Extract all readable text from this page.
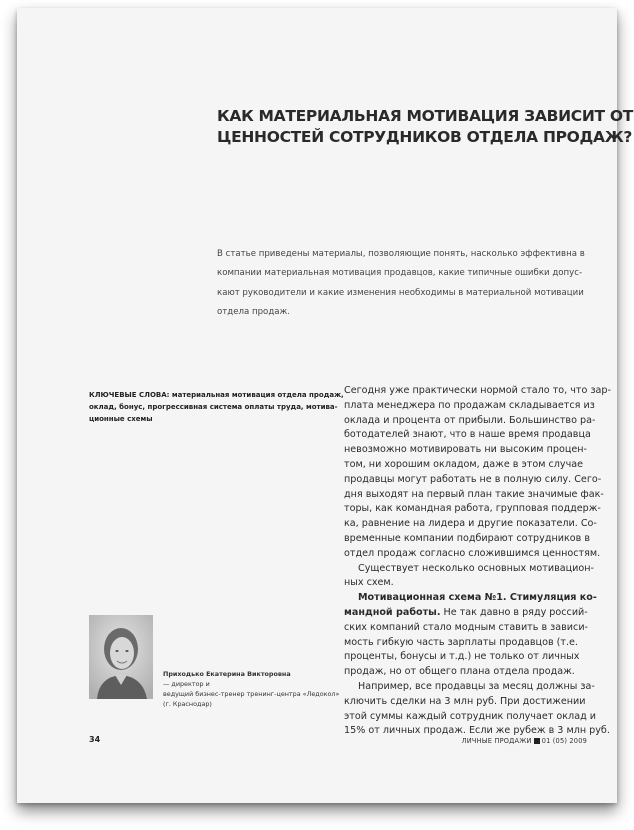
КАК МАТЕРИАЛЬНАЯ МОТИВАЦИЯ ЗАВИСИТ ОТ
ЦЕННОСТЕЙ СОТРУДНИКОВ ОТДЕЛА ПРОДАЖ?
В статье приведены материалы, позволяющие понять, насколько эффективна в
компании материальная мотивация продавцов, какие типичные ошибки допус-
кают руководители и какие изменения необходимы в материальной мотивации
отдела продаж.
КЛЮЧЕВЫЕ СЛОВА: материальная мотивация отдела продаж,
оклад, бонус, прогрессивная система оплаты труда, мотива-
ционные схемы
Сегодня уже практически нормой стало то, что зар-
плата менеджера по продажам складывается из
оклада и процента от прибыли. Большинство ра-
ботодателей знают, что в наше время продавца
невозможно мотивировать ни высоким процен-
том, ни хорошим окладом, даже в этом случае
продавцы могут работать не в полную силу. Сего-
дня выходят на первый план такие значимые фак-
торы, как командная работа, групповая поддерж-
ка, равнение на лидера и другие показатели. Со-
временные компании подбирают сотрудников в
отдел продаж согласно сложившимся ценностям.
Существует несколько основных мотивацион-
ных схем.
Мотивационная схема №1. Стимуляция ко-
мандной работы. Не так давно в ряду россий-
ских компаний стало модным ставить в зависи-
мость гибкую часть зарплаты продавцов (т.е.
проценты, бонусы и т.д.) не только от личных
продаж, но от общего плана отдела продаж.
Например, все продавцы за месяц должны за-
ключить сделки на 3 млн руб. При достижении
этой суммы каждый сотрудник получает оклад и
15% от личных продаж. Если же рубеж в 3 млн руб.
Приходько Екатерина Викторовна
— директор и
ведущий бизнес-тренер тренинг-центра «Ледокол»
(г. Краснодар)
34	ЛИЧНЫЕ ПРОДАЖИ 01 (05) 2009
